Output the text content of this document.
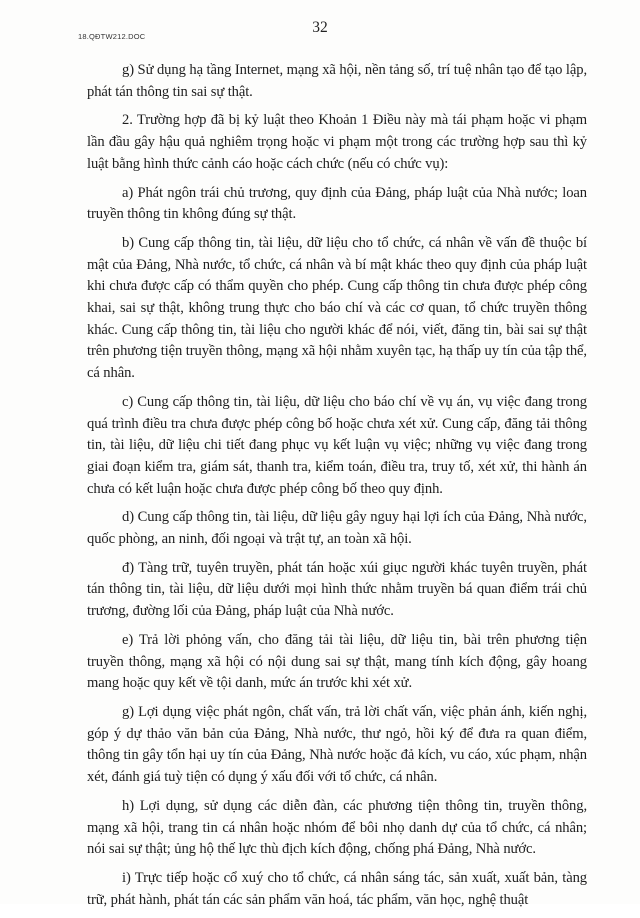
18.QĐTW212.DOC
32

g) Sử dụng hạ tầng Internet, mạng xã hội, nền tảng số, trí tuệ nhân tạo để tạo lập, phát tán thông tin sai sự thật.

2. Trường hợp đã bị kỷ luật theo Khoản 1 Điều này mà tái phạm hoặc vi phạm lần đầu gây hậu quả nghiêm trọng hoặc vi phạm một trong các trường hợp sau thì kỷ luật bằng hình thức cảnh cáo hoặc cách chức (nếu có chức vụ):

a) Phát ngôn trái chủ trương, quy định của Đảng, pháp luật của Nhà nước; loan truyền thông tin không đúng sự thật.

b) Cung cấp thông tin, tài liệu, dữ liệu cho tổ chức, cá nhân về vấn đề thuộc bí mật của Đảng, Nhà nước, tổ chức, cá nhân và bí mật khác theo quy định của pháp luật khi chưa được cấp có thẩm quyền cho phép. Cung cấp thông tin chưa được phép công khai, sai sự thật, không trung thực cho báo chí và các cơ quan, tổ chức truyền thông khác. Cung cấp thông tin, tài liệu cho người khác để nói, viết, đăng tin, bài sai sự thật trên phương tiện truyền thông, mạng xã hội nhằm xuyên tạc, hạ thấp uy tín của tập thể, cá nhân.

c) Cung cấp thông tin, tài liệu, dữ liệu cho báo chí về vụ án, vụ việc đang trong quá trình điều tra chưa được phép công bố hoặc chưa xét xử. Cung cấp, đăng tải thông tin, tài liệu, dữ liệu chi tiết đang phục vụ kết luận vụ việc; những vụ việc đang trong giai đoạn kiểm tra, giám sát, thanh tra, kiểm toán, điều tra, truy tố, xét xử, thi hành án chưa có kết luận hoặc chưa được phép công bố theo quy định.

d) Cung cấp thông tin, tài liệu, dữ liệu gây nguy hại lợi ích của Đảng, Nhà nước, quốc phòng, an ninh, đối ngoại và trật tự, an toàn xã hội.

đ) Tàng trữ, tuyên truyền, phát tán hoặc xúi giục người khác tuyên truyền, phát tán thông tin, tài liệu, dữ liệu dưới mọi hình thức nhằm truyền bá quan điểm trái chủ trương, đường lối của Đảng, pháp luật của Nhà nước.

e) Trả lời phỏng vấn, cho đăng tải tài liệu, dữ liệu tin, bài trên phương tiện truyền thông, mạng xã hội có nội dung sai sự thật, mang tính kích động, gây hoang mang hoặc quy kết về tội danh, mức án trước khi xét xử.

g) Lợi dụng việc phát ngôn, chất vấn, trả lời chất vấn, việc phản ánh, kiến nghị, góp ý dự thảo văn bản của Đảng, Nhà nước, thư ngỏ, hồi ký để đưa ra quan điểm, thông tin gây tổn hại uy tín của Đảng, Nhà nước hoặc đả kích, vu cáo, xúc phạm, nhận xét, đánh giá tuỳ tiện có dụng ý xấu đối với tổ chức, cá nhân.

h) Lợi dụng, sử dụng các diễn đàn, các phương tiện thông tin, truyền thông, mạng xã hội, trang tin cá nhân hoặc nhóm để bôi nhọ danh dự của tổ chức, cá nhân; nói sai sự thật; ủng hộ thế lực thù địch kích động, chống phá Đảng, Nhà nước.

i) Trực tiếp hoặc cổ xuý cho tổ chức, cá nhân sáng tác, sản xuất, xuất bản, tàng trữ, phát hành, phát tán các sản phẩm văn hoá, tác phẩm, văn học, nghệ thuật
